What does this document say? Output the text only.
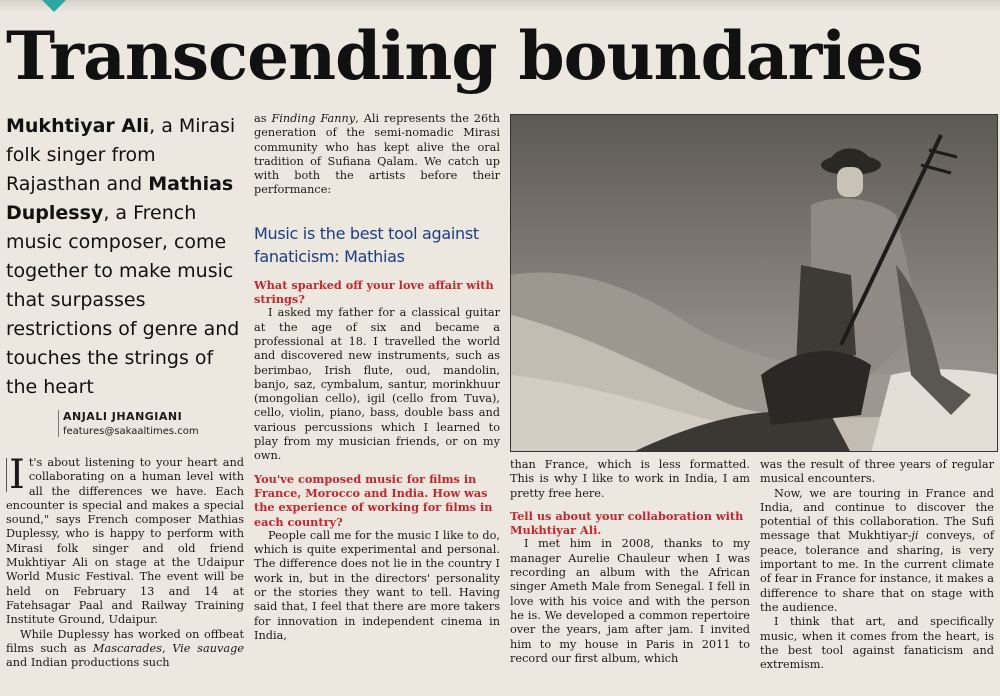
Transcending boundaries
Mukhtiyar Ali, a Mirasi folk singer from Rajasthan and Mathias Duplessy, a French music composer, come together to make music that surpasses restrictions of genre and touches the strings of the heart
ANJALI JHANGIANI
features@sakaaltimes.com

I t's about listening to your heart and collaborating on a human level with all the differences we have. Each encounter is special and makes a special sound," says French composer Mathias Duplessy, who is happy to perform with Mirasi folk singer and old friend Mukhtiyar Ali on stage at the Udaipur World Music Festival. The event will be held on February 13 and 14 at Fatehsagar Paal and Railway Training Institute Ground, Udaipur.

While Duplessy has worked on offbeat films such as Mascarades, Vie sauvage and Indian productions such

as Finding Fanny, Ali represents the 26th generation of the semi-nomadic Mirasi community who has kept alive the oral tradition of Sufiana Qalam. We catch up with both the artists before their performance:

Music is the best tool against fanaticism: Mathias

What sparked off your love affair with strings?

I asked my father for a classical guitar at the age of six and became a professional at 18. I travelled the world and discovered new instruments, such as berimbao, Irish flute, oud, mandolin, banjo, saz, cymbalum, santur, morinkhuur (mongolian cello), igil (cello from Tuva), cello, violin, piano, bass, double bass and various percussions which I learned to play from my musician friends, or on my own.

You've composed music for films in France, Morocco and India. How was the experience of working for films in each country?

People call me for the music I like to do, which is quite experimental and personal. The difference does not lie in the country I work in, but in the directors' personality or the stories they want to tell. Having said that, I feel that there are more takers for innovation in independent cinema in India,

than France, which is less formatted. This is why I like to work in India, I am pretty free here.

Tell us about your collaboration with Mukhtiyar Ali.

I met him in 2008, thanks to my manager Aurelie Chauleur when I was recording an album with the African singer Ameth Male from Senegal. I fell in love with his voice and with the person he is. We developed a common repertoire over the years, jam after jam. I invited him to my house in Paris in 2011 to record our first album, which

was the result of three years of regular musical encounters.

Now, we are touring in France and India, and continue to discover the potential of this collaboration. The Sufi message that Mukhtiyar-ji conveys, of peace, tolerance and sharing, is very important to me. In the current climate of fear in France for instance, it makes a difference to share that on stage with the audience.

I think that art, and specifically music, when it comes from the heart, is the best tool against fanaticism and extremism.
